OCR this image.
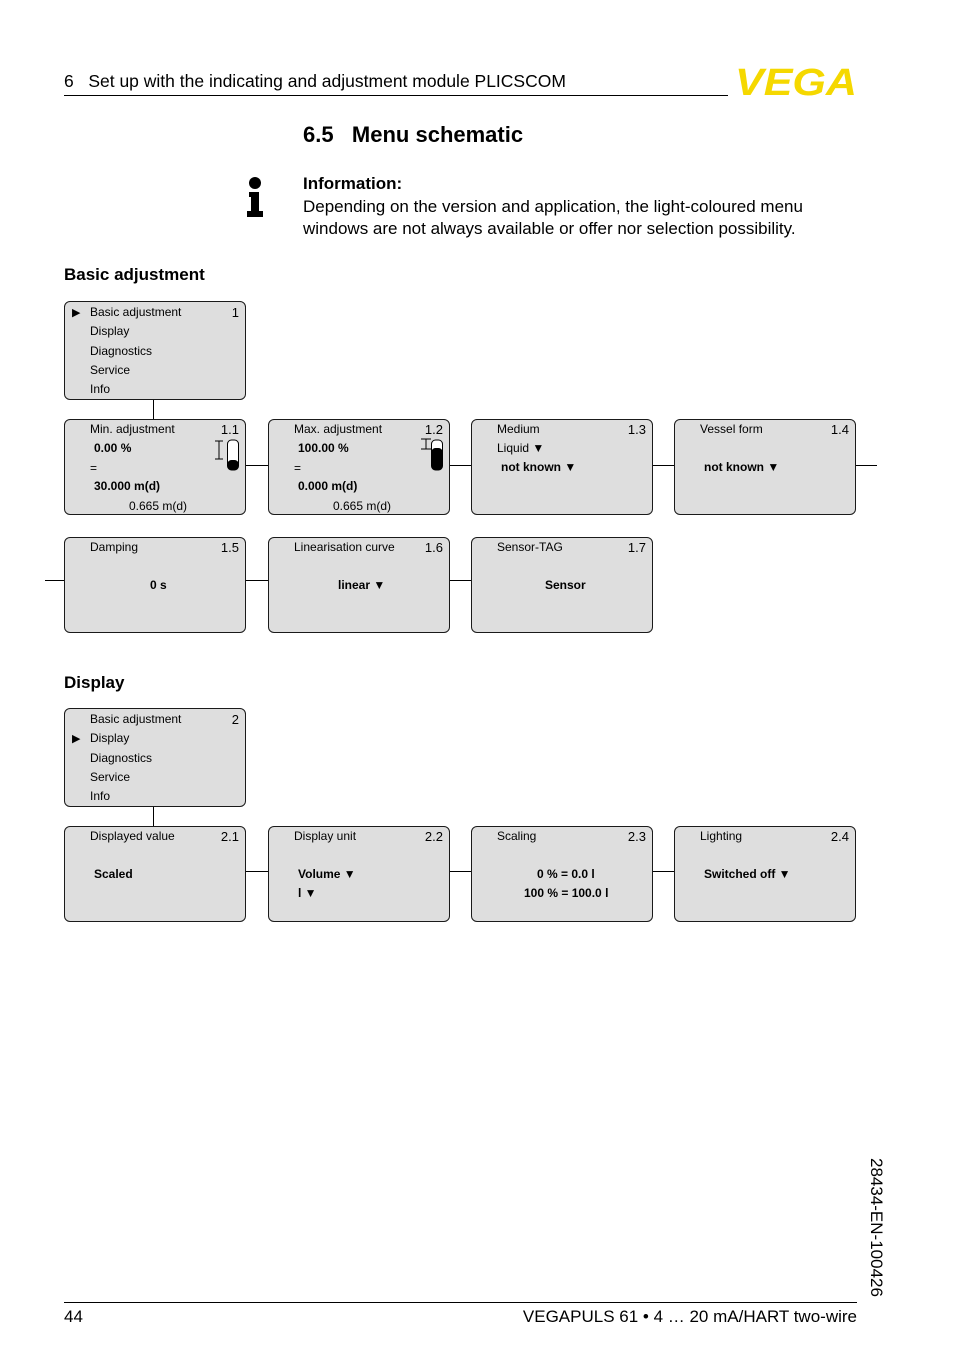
6   Set up with the indicating and adjustment module PLICSCOM	VEGA
6.5   Menu schematic
Information:
Depending on the version and application, the light-coloured menu windows are not always available or offer nor selection possibility.
Basic adjustment
▶ Basic adjustment
Display
Diagnostics
Service
Info
1
Min. adjustment	1.1
0.00 %
=
30.000 m(d)
0.665 m(d)
Max. adjustment	1.2
100.00 %
=
0.000 m(d)
0.665 m(d)
Medium	1.3
Liquid ▼
not known ▼
Vessel form	1.4
not known ▼
Damping	1.5
0 s
Linearisation curve 1.6
linear ▼
Sensor-TAG	1.7
Sensor
Display
Basic adjustment
▶ Display
Diagnostics
Service
Info
2
Displayed value	2.1
Scaled
Display unit	2.2
Volume ▼
l ▼
Scaling	2.3
0 % = 0.0 l
100 % = 100.0 l
Lighting	2.4
Switched off ▼
28434-EN-100426
44	VEGAPULS 61 • 4 … 20 mA/HART two-wire
